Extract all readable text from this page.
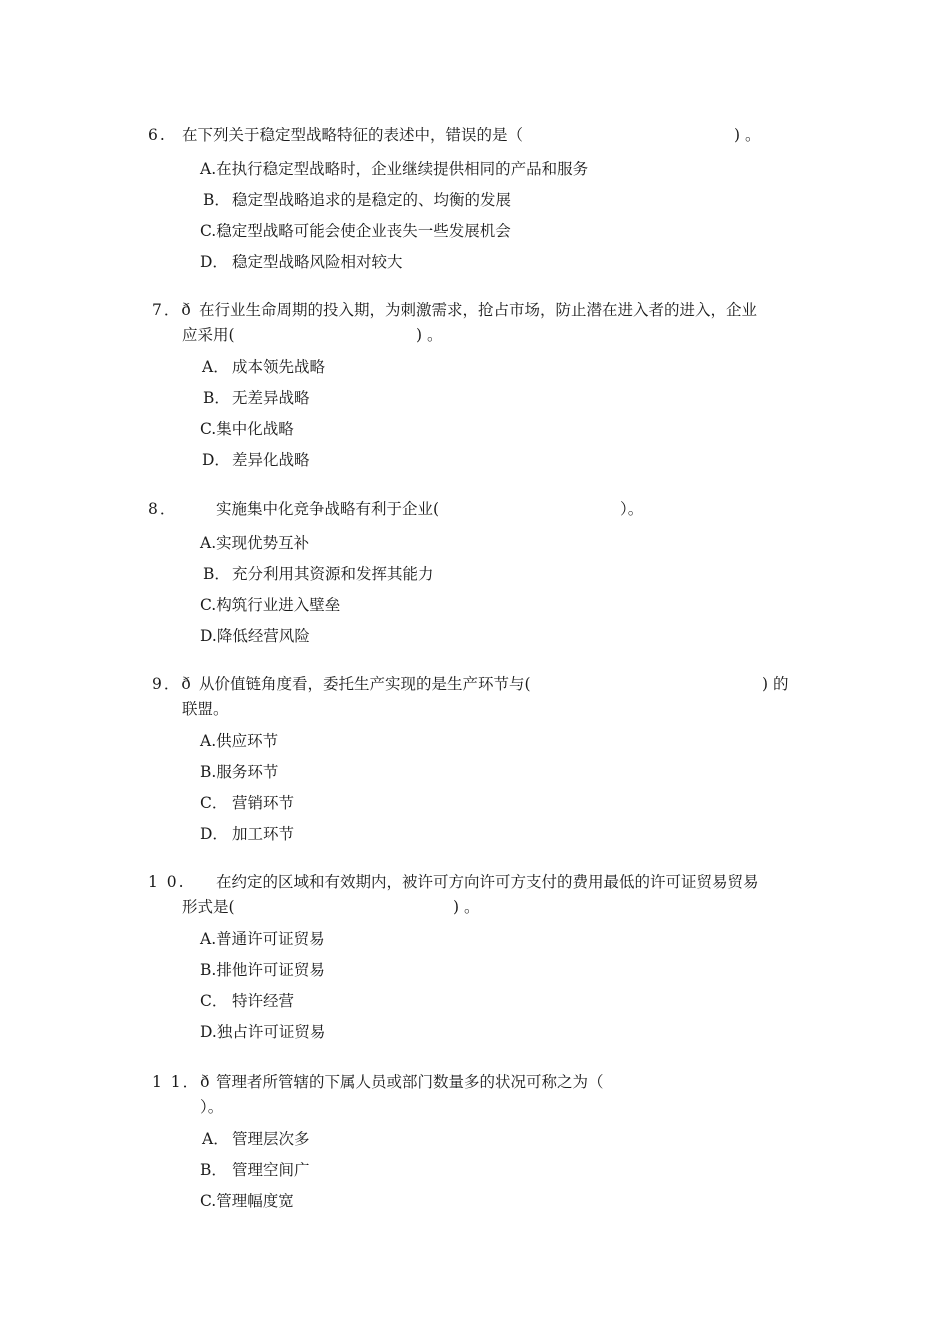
6. 在下列关于稳定型战略特征的表述中，错误的是（	) 。
A.在执行稳定型战略时，企业继续提供相同的产品和服务
B． 稳定型战略追求的是稳定的、均衡的发展
C.稳定型战略可能会使企业丧失一些发展机会
D． 稳定型战略风险相对较大
7．ð 在行业生命周期的投入期，为刺激需求，抢占市场，防止潜在进入者的进入，企业
应采用(	) 。
A． 成本领先战略
B． 无差异战略
C.集中化战略
D． 差异化战略
8． 实施集中化竞争战略有利于企业(	）。
A.实现优势互补
B． 充分利用其资源和发挥其能力
C.构筑行业进入壁垒
D.降低经营风险
9．ð 从价值链角度看，委托生产实现的是生产环节与(	) 的
联盟。
A.供应环节
B.服务环节
C． 营销环节
D． 加工环节
1 0. 在约定的区域和有效期内，被许可方向许可方支付的费用最低的许可证贸易贸易
形式是(	) 。
A.普通许可证贸易
B.排他许可证贸易
C． 特许经营
D.独占许可证贸易
1 1．ð 管理者所管辖的下属人员或部门数量多的状况可称之为（
）。
A． 管理层次多
B． 管理空间广
C.管理幅度宽
